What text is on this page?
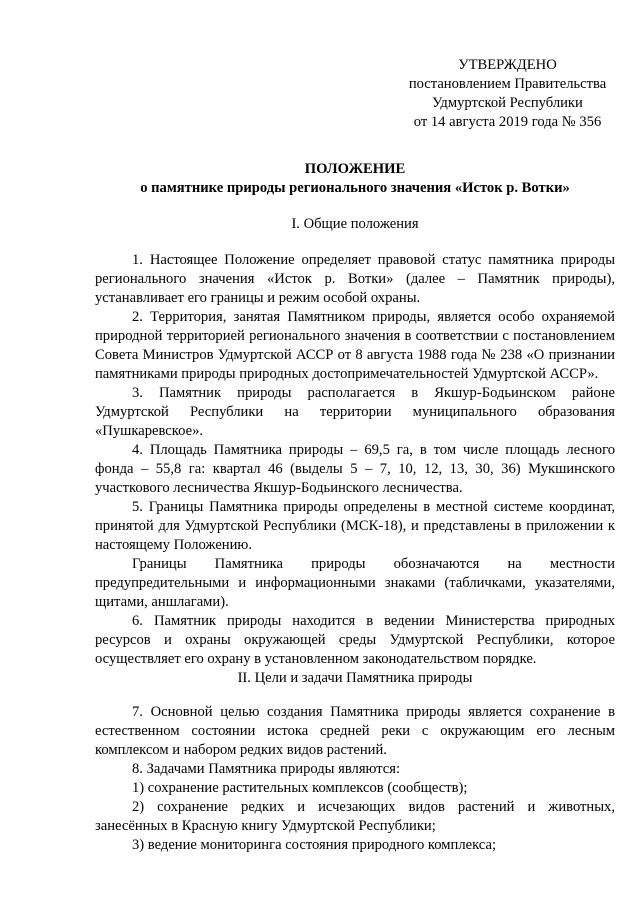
УТВЕРЖДЕНО
постановлением Правительства
Удмуртской Республики
от 14 августа 2019 года № 356
ПОЛОЖЕНИЕ
о памятнике природы регионального значения «Исток р. Вотки»
I. Общие положения

1. Настоящее Положение определяет правовой статус памятника природы регионального значения «Исток р. Вотки» (далее – Памятник природы), устанавливает его границы и режим особой охраны.

2. Территория, занятая Памятником природы, является особо охраняемой природной территорией регионального значения в соответствии с постановлением Совета Министров Удмуртской АССР от 8 августа 1988 года № 238 «О признании памятниками природы природных достопримечательностей Удмуртской АССР».

3. Памятник природы располагается в Якшур-Бодьинском районе Удмуртской Республики на территории муниципального образования «Пушкаревское».

4. Площадь Памятника природы – 69,5 га, в том числе площадь лесного фонда – 55,8 га: квартал 46 (выделы 5 – 7, 10, 12, 13, 30, 36) Мукшинского участкового лесничества Якшур-Бодьинского лесничества.

5. Границы Памятника природы определены в местной системе координат, принятой для Удмуртской Республики (МСК-18), и представлены в приложении к настоящему Положению.

Границы Памятника природы обозначаются на местности предупредительными и информационными знаками (табличками, указателями, щитами, аншлагами).

6. Памятник природы находится в ведении Министерства природных ресурсов и охраны окружающей среды Удмуртской Республики, которое осуществляет его охрану в установленном законодательством порядке.

II. Цели и задачи Памятника природы

7. Основной целью создания Памятника природы является сохранение в естественном состоянии истока средней реки с окружающим его лесным комплексом и набором редких видов растений.

8. Задачами Памятника природы являются:

1) сохранение растительных комплексов (сообществ);

2) сохранение редких и исчезающих видов растений и животных, занесённых в Красную книгу Удмуртской Республики;

3) ведение мониторинга состояния природного комплекса;
